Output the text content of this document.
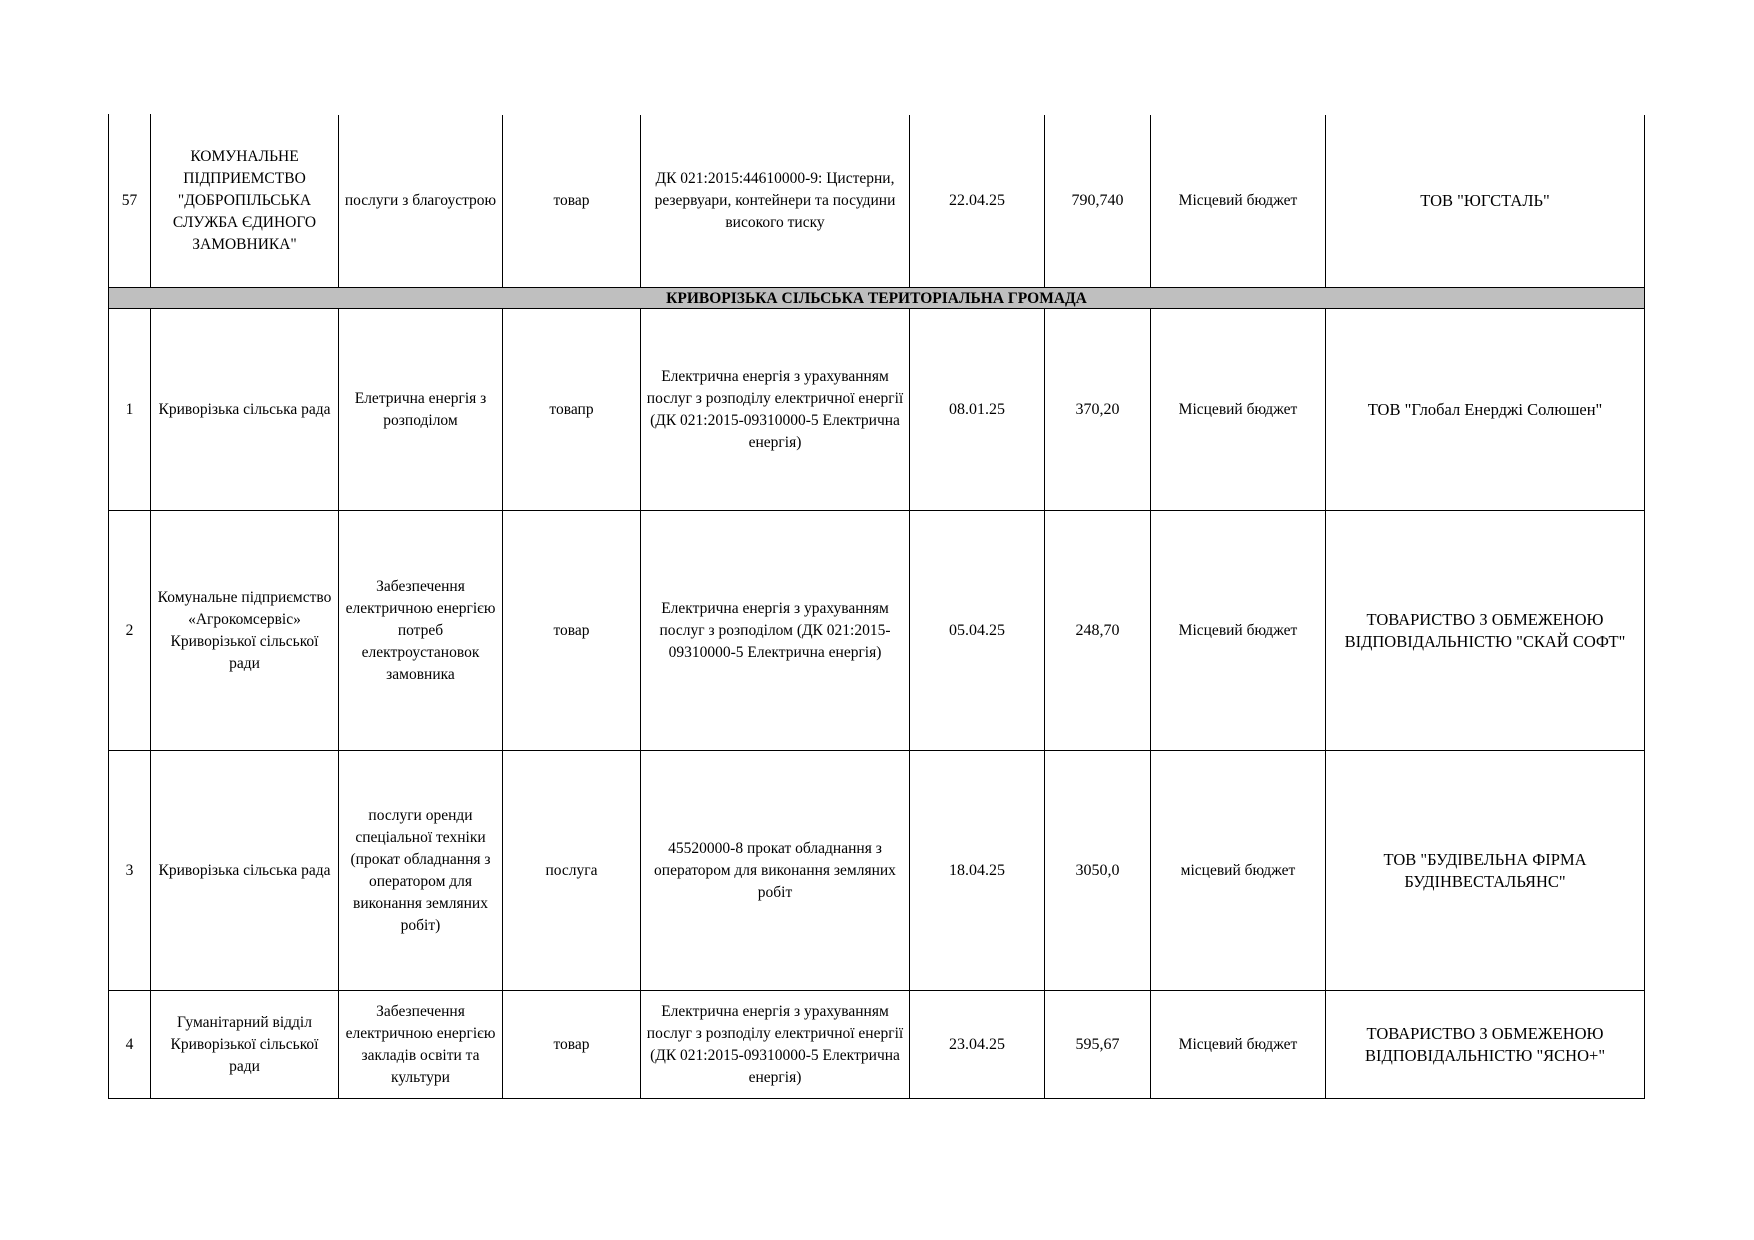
57	КОМУНАЛЬНЕ ПІДПРИЕМСТВО "ДОБРОПІЛЬСЬКА СЛУЖБА ЄДИНОГО ЗАМОВНИКА"	послуги з благоустрою	товар	ДК 021:2015:44610000-9: Цистерни, резервуари, контейнери та посудини високого тиску	22.04.25	790,740	Місцевий бюджет	ТОВ "ЮГСТАЛЬ"
КРИВОРІЗЬКА СІЛЬСЬКА ТЕРИТОРІАЛЬНА ГРОМАДА								
1	Криворізька сільська рада	Елетрична енергія з розподілом	товапр	Електрична енергія з урахуванням послуг з розподілу електричної енергії (ДК 021:2015-09310000-5 Електрична енергія)	08.01.25	370,20	Місцевий бюджет	ТОВ "Глобал Енерджі Солюшен"
2	Комунальне підприємство «Агрокомсервіс» Криворізької сільської ради	Забезпечення електричною енергією потреб електроустановок замовника	товар	Електрична енергія з урахуванням послуг з розподілом (ДК 021:2015-09310000-5 Електрична енергія)	05.04.25	248,70	Місцевий бюджет	ТОВАРИСТВО З ОБМЕЖЕНОЮ ВІДПОВІДАЛЬНІСТЮ "СКАЙ СОФТ"
3	Криворізька сільська рада	послуги оренди спеціальної техніки (прокат обладнання з оператором для виконання земляних робіт)	послуга	45520000-8 прокат обладнання з оператором для виконання земляних робіт	18.04.25	3050,0	місцевий бюджет	ТОВ "БУДІВЕЛЬНА ФІРМА БУДІНВЕСТАЛЬЯНС"
4	Гуманітарний відділ Криворізької сільської ради	Забезпечення електричною енергією закладів освіти та культури	товар	Електрична енергія з урахуванням послуг з розподілу електричної енергії (ДК 021:2015-09310000-5 Електрична енергія)	23.04.25	595,67	Місцевий бюджет	ТОВАРИСТВО З ОБМЕЖЕНОЮ ВІДПОВІДАЛЬНІСТЮ "ЯСНО+"
